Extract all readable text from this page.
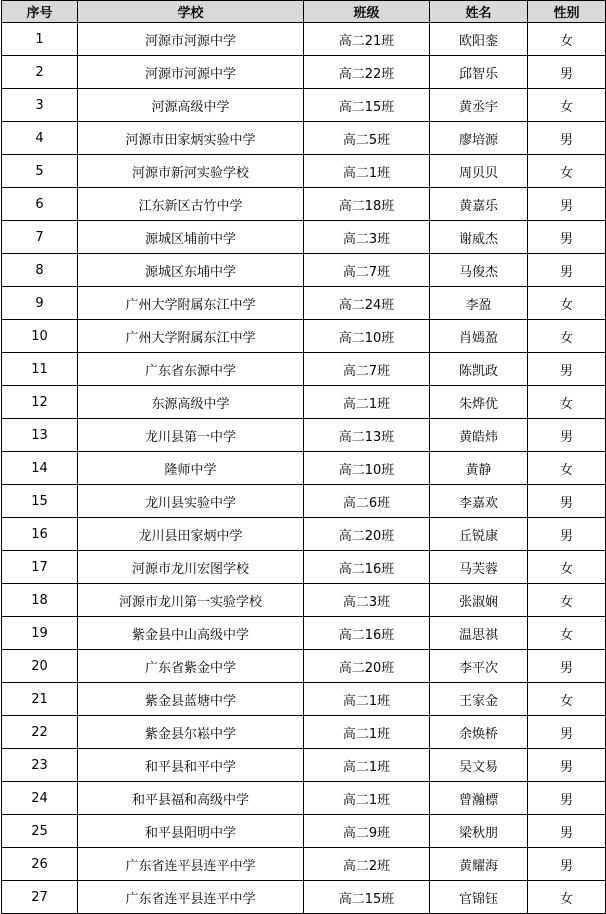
序号	学校	班级	姓名	性别
1	河源市河源中学	高二21班	欧阳銮	女
2	河源市河源中学	高二22班	邱智乐	男
3	河源高级中学	高二15班	黄丞宇	女
4	河源市田家炳实验中学	高二5班	廖培源	男
5	河源市新河实验学校	高二1班	周贝贝	女
6	江东新区古竹中学	高二18班	黄嘉乐	男
7	源城区埔前中学	高二3班	谢威杰	男
8	源城区东埔中学	高二7班	马俊杰	男
9	广州大学附属东江中学	高二24班	李盈	女
10	广州大学附属东江中学	高二10班	肖嫣盈	女
11	广东省东源中学	高二7班	陈凯政	男
12	东源高级中学	高二1班	朱烨优	女
13	龙川县第一中学	高二13班	黄皓炜	男
14	隆师中学	高二10班	黄静	女
15	龙川县实验中学	高二6班	李嘉欢	男
16	龙川县田家炳中学	高二20班	丘锐康	男
17	河源市龙川宏图学校	高二16班	马芙蓉	女
18	河源市龙川第一实验学校	高二3班	张淑娴	女
19	紫金县中山高级中学	高二16班	温思祺	女
20	广东省紫金中学	高二20班	李平次	男
21	紫金县蓝塘中学	高二1班	王家金	女
22	紫金县尔崧中学	高二1班	余焕桥	男
23	和平县和平中学	高二1班	吴文易	男
24	和平县福和高级中学	高二1班	曾瀚標	男
25	和平县阳明中学	高二9班	梁秋朋	男
26	广东省连平县连平中学	高二2班	黄耀海	男
27	广东省连平县连平中学	高二15班	官锦钰	女
